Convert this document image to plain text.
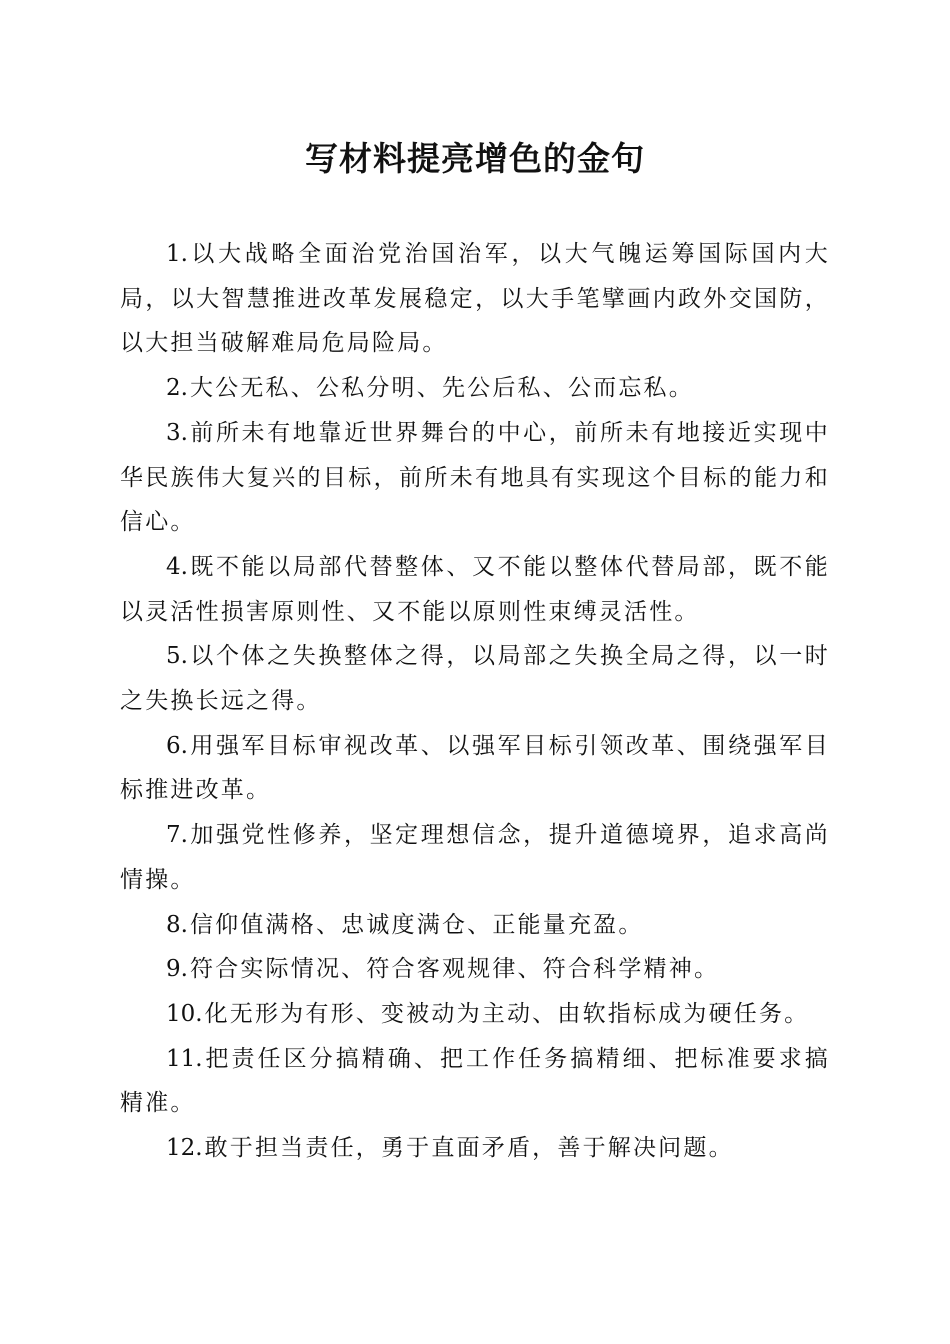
写材料提亮增色的金句

1.以大战略全面治党治国治军，以大气魄运筹国际国内大局，以大智慧推进改革发展稳定，以大手笔擘画内政外交国防，以大担当破解难局危局险局。

2.大公无私、公私分明、先公后私、公而忘私。

3.前所未有地靠近世界舞台的中心，前所未有地接近实现中华民族伟大复兴的目标，前所未有地具有实现这个目标的能力和信心。

4.既不能以局部代替整体、又不能以整体代替局部，既不能以灵活性损害原则性、又不能以原则性束缚灵活性。

5.以个体之失换整体之得，以局部之失换全局之得，以一时之失换长远之得。

6.用强军目标审视改革、以强军目标引领改革、围绕强军目标推进改革。

7.加强党性修养，坚定理想信念，提升道德境界，追求高尚情操。

8.信仰值满格、忠诚度满仓、正能量充盈。

9.符合实际情况、符合客观规律、符合科学精神。

10.化无形为有形、变被动为主动、由软指标成为硬任务。

11.把责任区分搞精确、把工作任务搞精细、把标准要求搞精准。

12.敢于担当责任，勇于直面矛盾，善于解决问题。
